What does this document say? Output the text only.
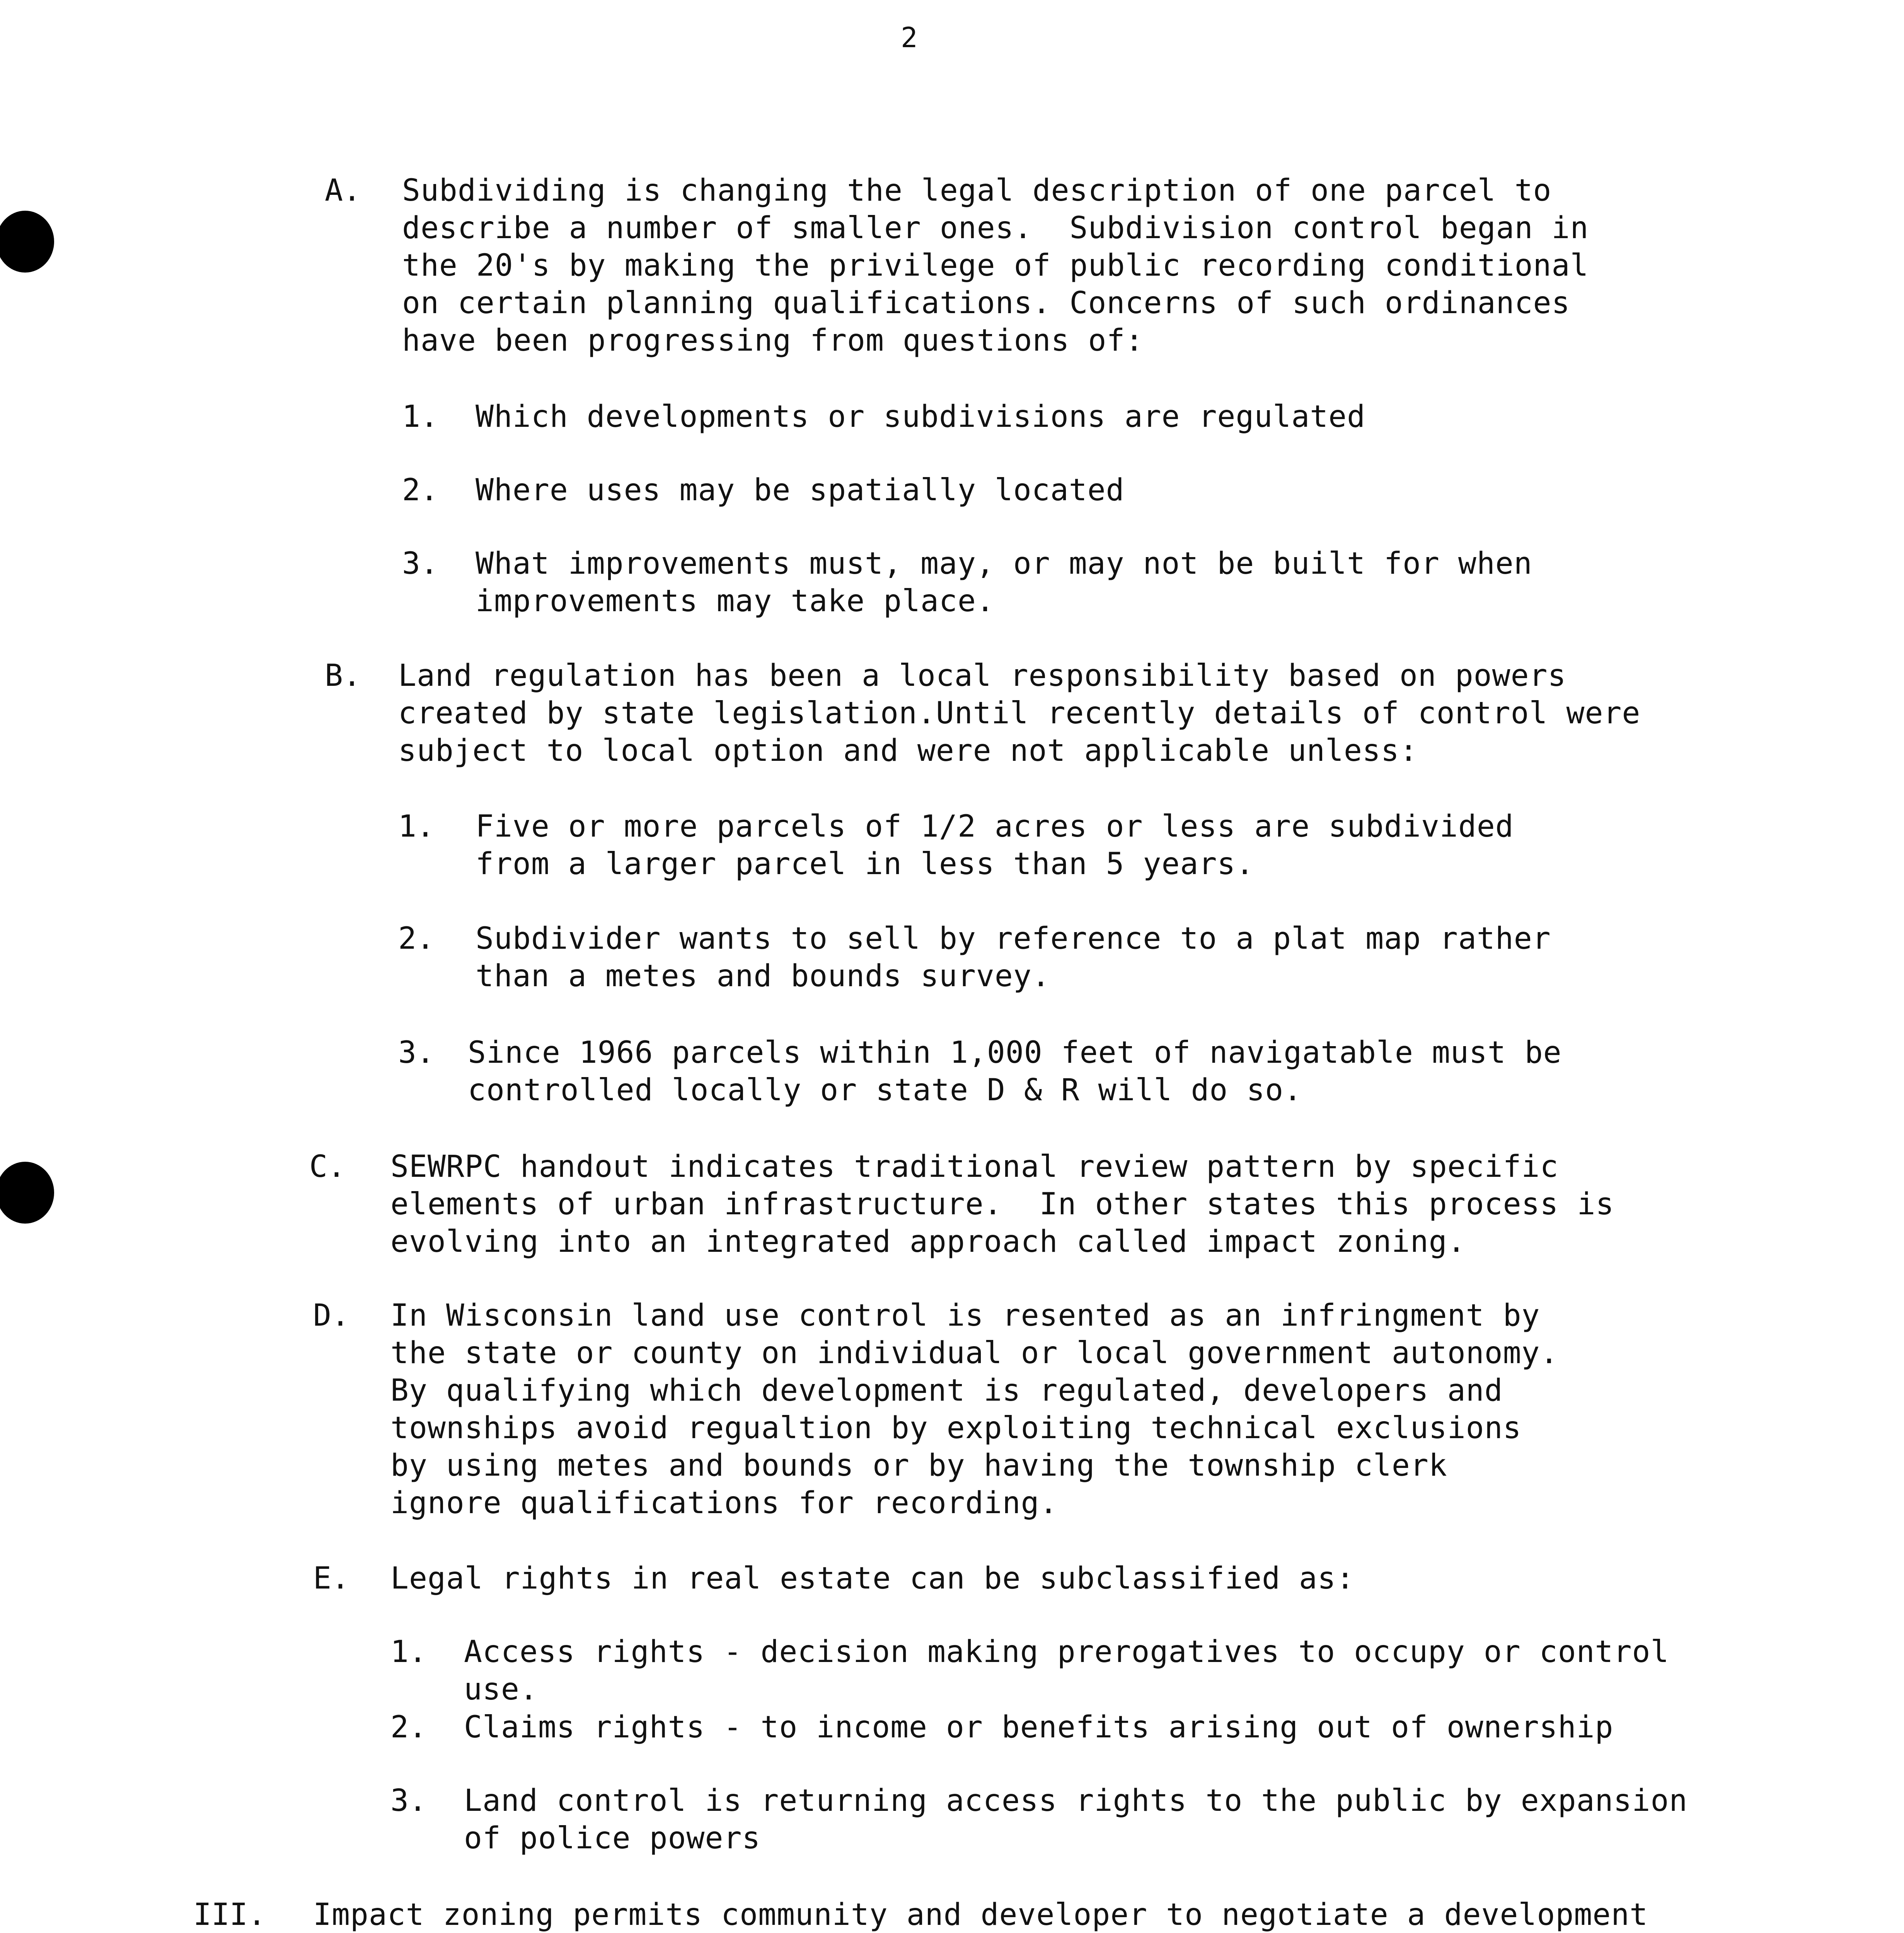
2
A. Subdividing is changing the legal description of one parcel to
describe a number of smaller ones.  Subdivision control began in
the 20's by making the privilege of public recording conditional
on certain planning qualifications. Concerns of such ordinances
have been progressing from questions of:
1. Which developments or subdivisions are regulated
2. Where uses may be spatially located
3. What improvements must, may, or may not be built for when
improvements may take place.
B. Land regulation has been a local responsibility based on powers
created by state legislation.Until recently details of control were
subject to local option and were not applicable unless:
1. Five or more parcels of 1/2 acres or less are subdivided
from a larger parcel in less than 5 years.
2. Subdivider wants to sell by reference to a plat map rather
than a metes and bounds survey.
3. Since 1966 parcels within 1,000 feet of navigatable must be
controlled locally or state D & R will do so.
C. SEWRPC handout indicates traditional review pattern by specific
elements of urban infrastructure.  In other states this process is
evolving into an integrated approach called impact zoning.
D. In Wisconsin land use control is resented as an infringment by
the state or county on individual or local government autonomy.
By qualifying which development is regulated, developers and
townships avoid regualtion by exploiting technical exclusions
by using metes and bounds or by having the township clerk
ignore qualifications for recording.
E. Legal rights in real estate can be subclassified as:
1. Access rights - decision making prerogatives to occupy or control
use.
2. Claims rights - to income or benefits arising out of ownership
3. Land control is returning access rights to the public by expansion
of police powers
III. Impact zoning permits community and developer to negotiate a development
